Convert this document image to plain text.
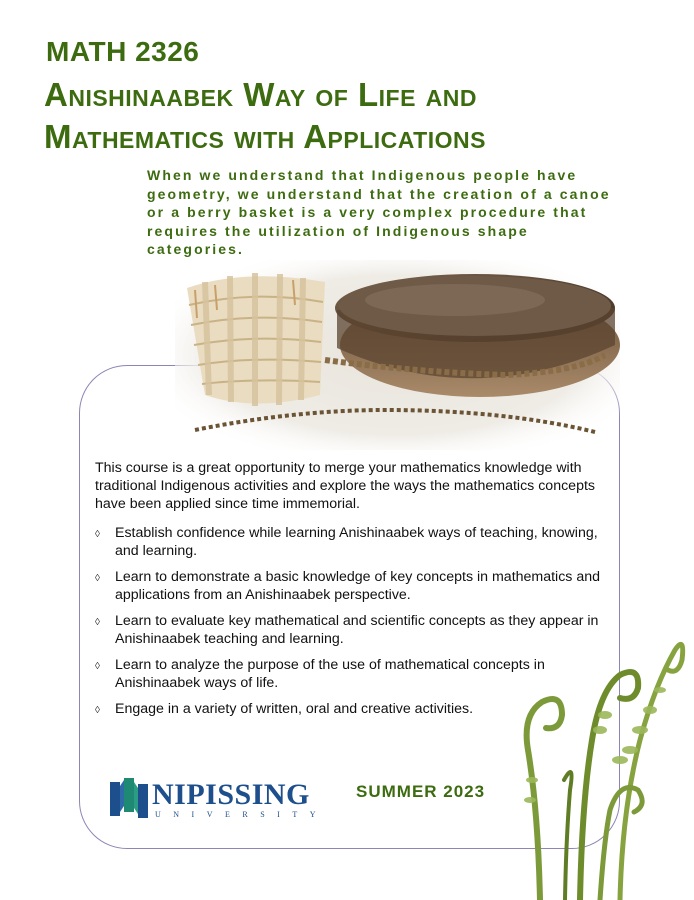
MATH 2326
Anishinaabek Way of Life and
Mathematics with Applications
When we understand that Indigenous people have geometry, we understand that the creation of a canoe or a berry basket is a very complex procedure that requires the utilization of Indigenous shape categories.
This course is a great opportunity to merge your mathematics knowledge with traditional Indigenous activities and explore the ways the mathematics concepts have been applied since time immemorial.
◊ Establish confidence while learning Anishinaabek ways of teaching, knowing, and learning.
◊ Learn to demonstrate a basic knowledge of key concepts in mathematics and applications from an Anishinaabek perspective.
◊ Learn to evaluate key mathematical and scientific concepts as they appear in Anishinaabek teaching and learning.
◊ Learn to analyze the purpose of the use of mathematical concepts in Anishinaabek ways of life.
◊ Engage in a variety of written, oral and creative activities.
NIPISSING
UNIVERSITY
SUMMER 2023
